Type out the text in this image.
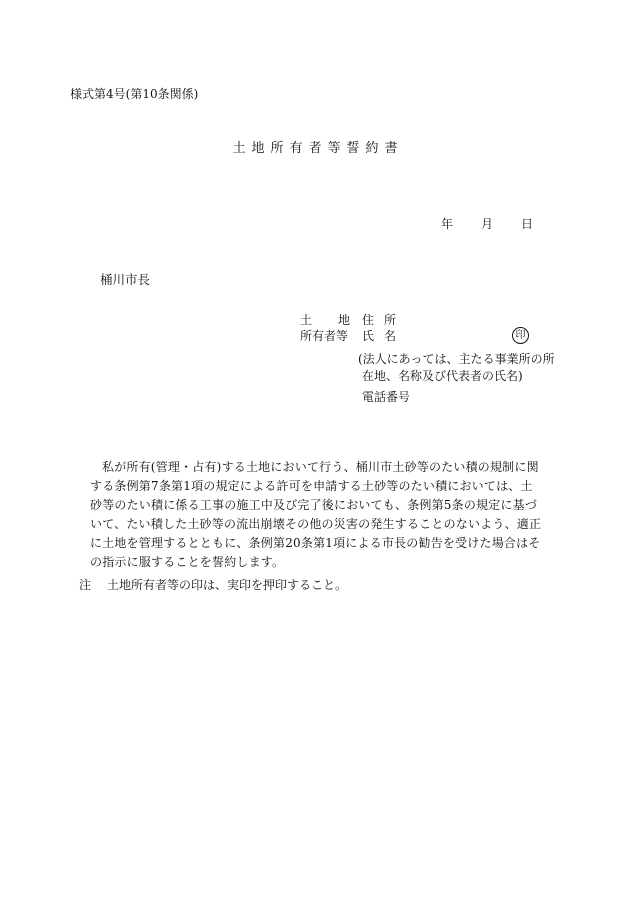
様式第4号(第10条関係)
土地所有者等誓約書
年 月 日
桶川市長
土 地 住 所
所有者等 氏 名	印
(法人にあっては、主たる事業所の所
在地、名称及び代表者の氏名)
電話番号
私が所有(管理・占有)する土地において行う、桶川市土砂等のたい積の規制に関する条例第7条第1項の規定による許可を申請する土砂等のたい積においては、土砂等のたい積に係る工事の施工中及び完了後においても、条例第5条の規定に基づいて、たい積した土砂等の流出崩壊その他の災害の発生することのないよう、適正に土地を管理するとともに、条例第20条第1項による市長の勧告を受けた場合はその指示に服することを誓約します。
注 土地所有者等の印は、実印を押印すること。
